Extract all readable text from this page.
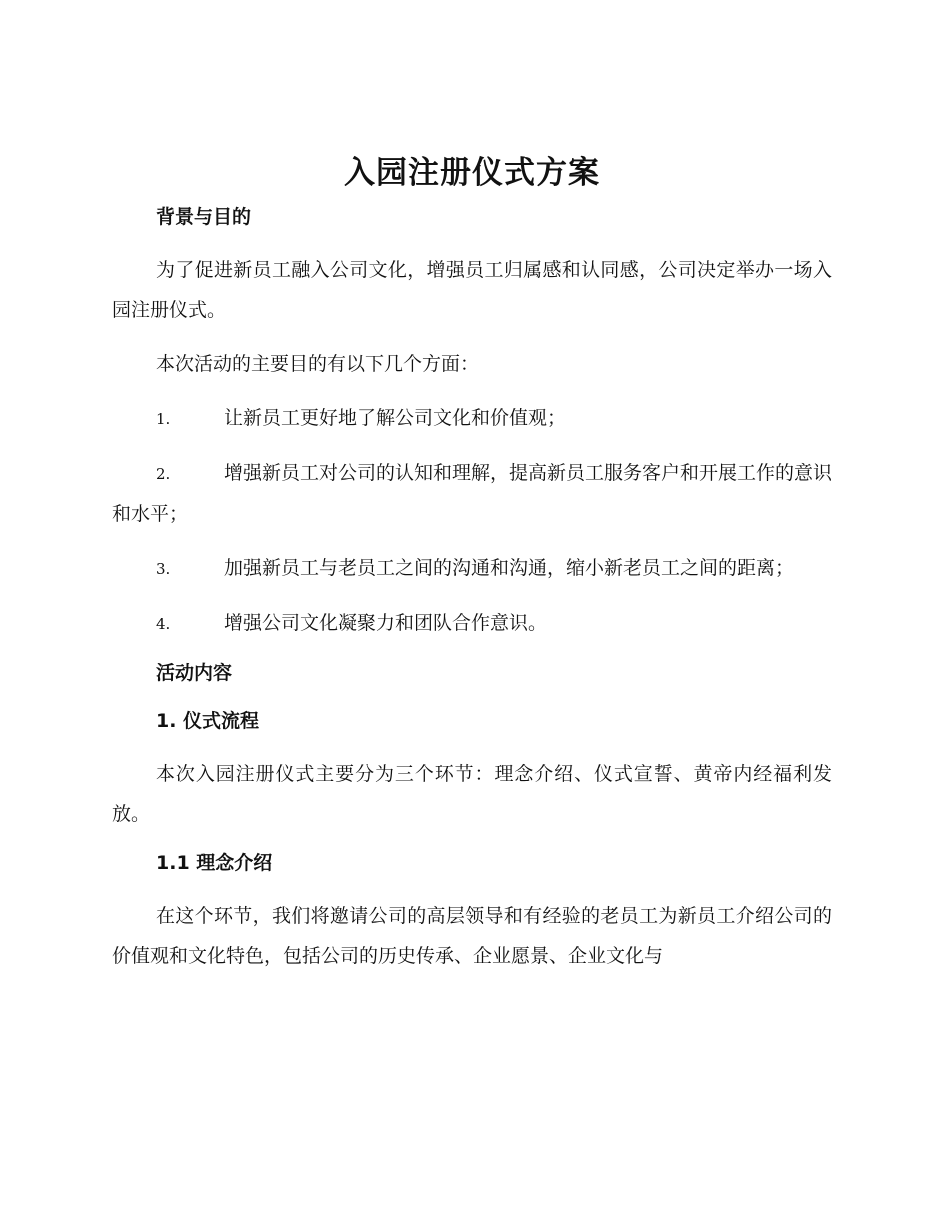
入园注册仪式方案
背景与目的

为了促进新员工融入公司文化，增强员工归属感和认同感，公司决定举办一场入园注册仪式。

本次活动的主要目的有以下几个方面：

1.	让新员工更好地了解公司文化和价值观；
2.	增强新员工对公司的认知和理解，提高新员工服务客户和开展工作的意识和水平；
3.	加强新员工与老员工之间的沟通和沟通，缩小新老员工之间的距离；
4.	增强公司文化凝聚力和团队合作意识。
活动内容
1. 仪式流程

本次入园注册仪式主要分为三个环节：理念介绍、仪式宣誓、黄帝内经福利发放。

1.1 理念介绍

在这个环节，我们将邀请公司的高层领导和有经验的老员工为新员工介绍公司的价值观和文化特色，包括公司的历史传承、企业愿景、企业文化与
